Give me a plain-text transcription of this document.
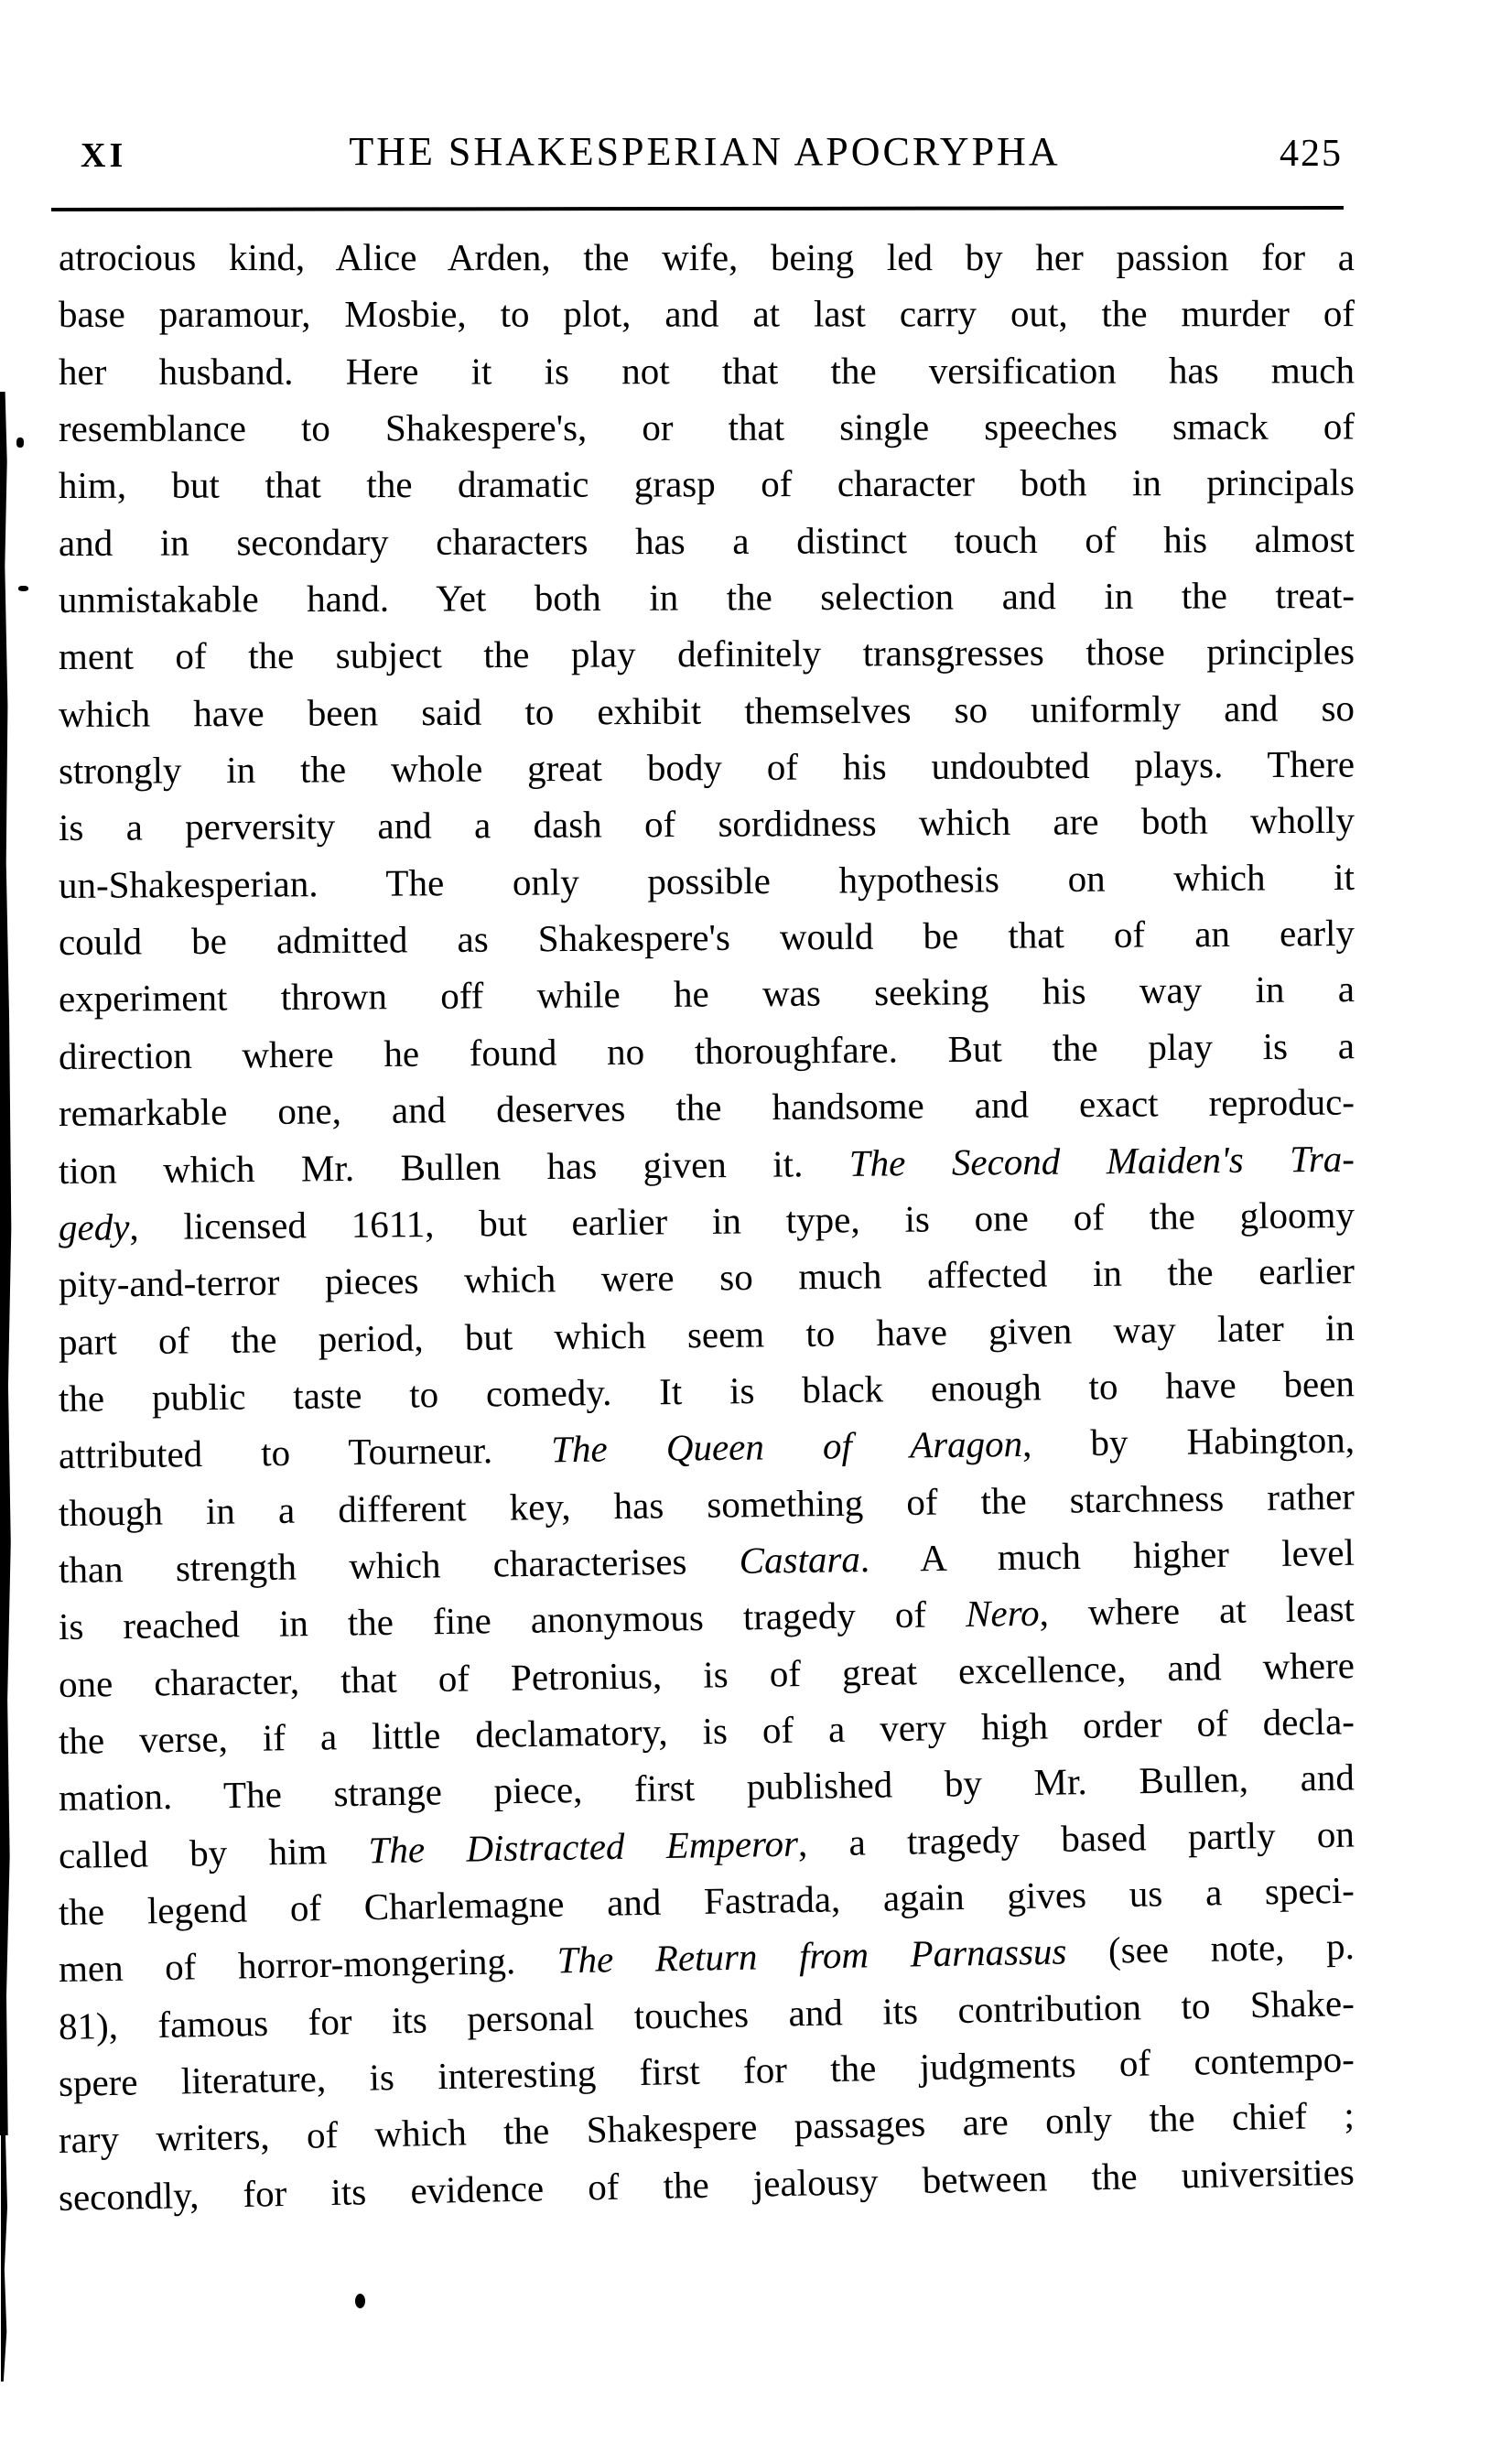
XI	THE SHAKESPERIAN APOCRYPHA	425
atrocious kind, Alice Arden, the wife, being led by her passion for a
base paramour, Mosbie, to plot, and at last carry out, the murder of
her husband. Here it is not that the versification has much
resemblance to Shakespere's, or that single speeches smack of
him, but that the dramatic grasp of character both in principals
and in secondary characters has a distinct touch of his almost
unmistakable hand. Yet both in the selection and in the treat-
ment of the subject the play definitely transgresses those principles
which have been said to exhibit themselves so uniformly and so
strongly in the whole great body of his undoubted plays. There
is a perversity and a dash of sordidness which are both wholly
un-Shakesperian. The only possible hypothesis on which it
could be admitted as Shakespere's would be that of an early
experiment thrown off while he was seeking his way in a
direction where he found no thoroughfare. But the play is a
remarkable one, and deserves the handsome and exact reproduc-
tion which Mr. Bullen has given it. The Second Maiden's Tra-
gedy, licensed 1611, but earlier in type, is one of the gloomy
pity-and-terror pieces which were so much affected in the earlier
part of the period, but which seem to have given way later in
the public taste to comedy. It is black enough to have been
attributed to Tourneur. The Queen of Aragon, by Habington,
though in a different key, has something of the starchness rather
than strength which characterises Castara. A much higher level
is reached in the fine anonymous tragedy of Nero, where at least
one character, that of Petronius, is of great excellence, and where
the verse, if a little declamatory, is of a very high order of decla-
mation. The strange piece, first published by Mr. Bullen, and
called by him The Distracted Emperor, a tragedy based partly on
the legend of Charlemagne and Fastrada, again gives us a speci-
men of horror-mongering. The Return from Parnassus (see note, p.
81), famous for its personal touches and its contribution to Shake-
spere literature, is interesting first for the judgments of contempo-
rary writers, of which the Shakespere passages are only the chief ;
secondly, for its evidence of the jealousy between the universities
